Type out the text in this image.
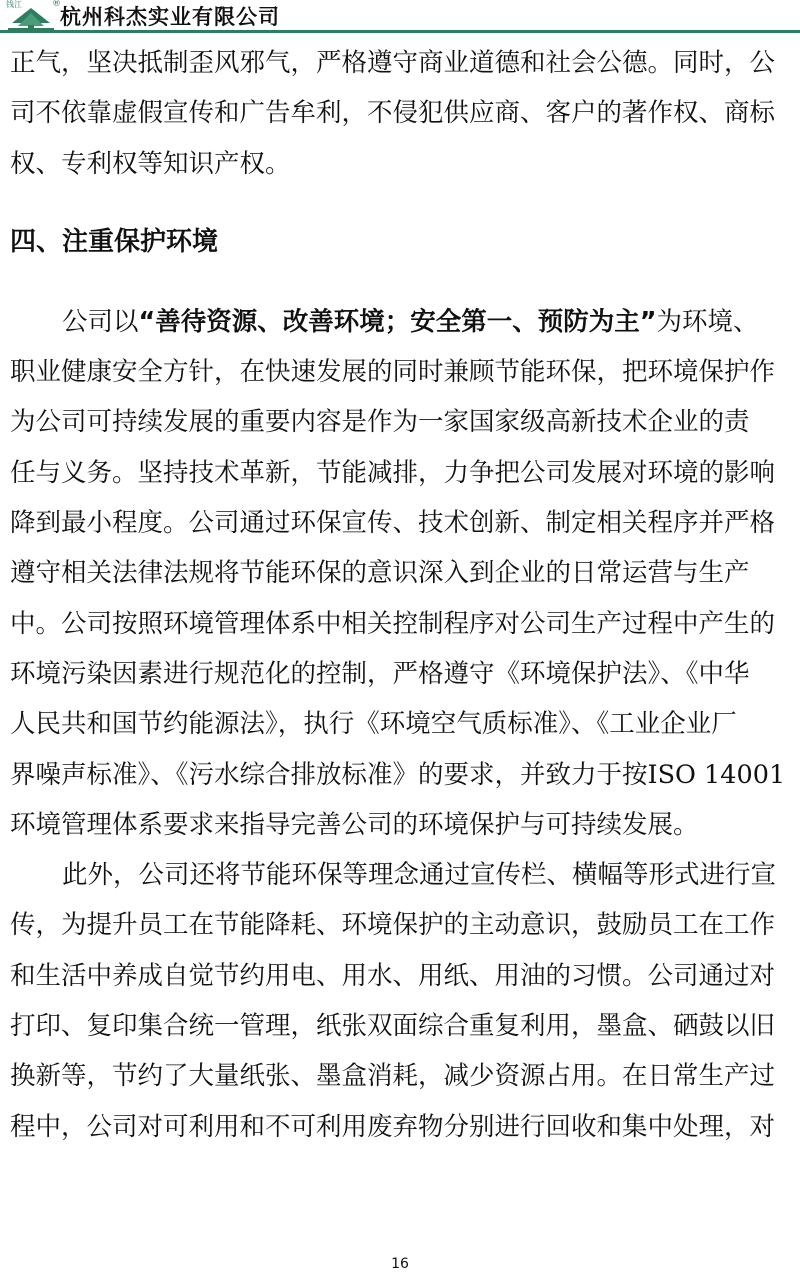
钱江	®
杭州科杰实业有限公司
正气，坚决抵制歪风邪气，严格遵守商业道德和社会公德。同时，公
司不依靠虚假宣传和广告牟利，不侵犯供应商、客户的著作权、商标
权、专利权等知识产权。
四、注重保护环境
公司以“善待资源、改善环境；安全第一、预防为主”为环境、
职业健康安全方针，在快速发展的同时兼顾节能环保，把环境保护作
为公司可持续发展的重要内容是作为一家国家级高新技术企业的责
任与义务。坚持技术革新，节能减排，力争把公司发展对环境的影响
降到最小程度。公司通过环保宣传、技术创新、制定相关程序并严格
遵守相关法律法规将节能环保的意识深入到企业的日常运营与生产
中。公司按照环境管理体系中相关控制程序对公司生产过程中产生的
环境污染因素进行规范化的控制，严格遵守《环境保护法》、《中华
人民共和国节约能源法》，执行《环境空气质标准》、《工业企业厂
界噪声标准》、《污水综合排放标准》的要求，并致力于按ISO 14001
环境管理体系要求来指导完善公司的环境保护与可持续发展。
此外，公司还将节能环保等理念通过宣传栏、横幅等形式进行宣
传，为提升员工在节能降耗、环境保护的主动意识，鼓励员工在工作
和生活中养成自觉节约用电、用水、用纸、用油的习惯。公司通过对
打印、复印集合统一管理，纸张双面综合重复利用，墨盒、硒鼓以旧
换新等，节约了大量纸张、墨盒消耗，减少资源占用。在日常生产过
程中，公司对可利用和不可利用废弃物分别进行回收和集中处理，对
16
